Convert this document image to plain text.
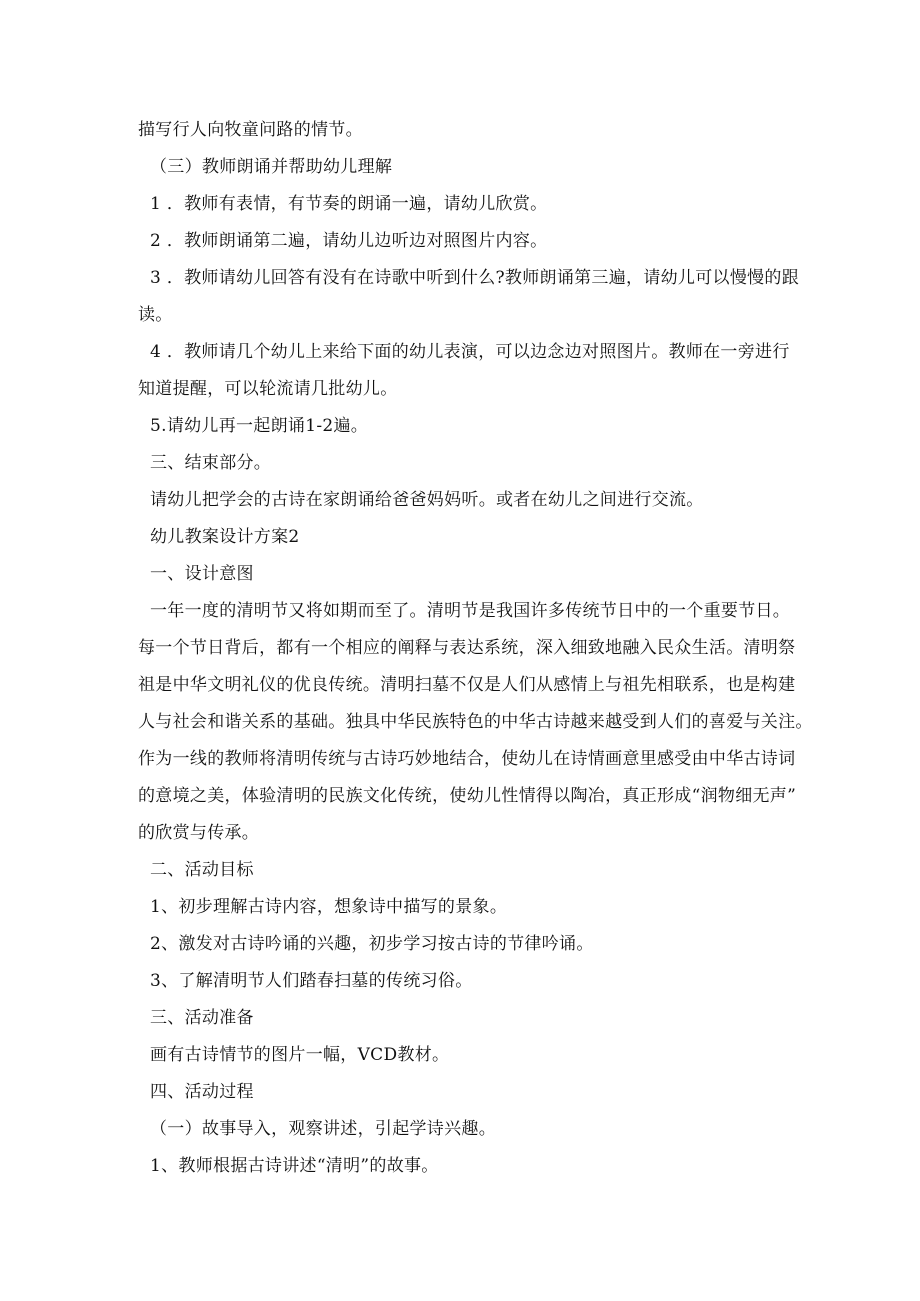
描写行人向牧童问路的情节。
（三）教师朗诵并帮助幼儿理解
1 ．教师有表情，有节奏的朗诵一遍，请幼儿欣赏。
2 ．教师朗诵第二遍，请幼儿边听边对照图片内容。
3 ．教师请幼儿回答有没有在诗歌中听到什么?教师朗诵第三遍，请幼儿可以慢慢的跟
读。
4 ．教师请几个幼儿上来给下面的幼儿表演，可以边念边对照图片。教师在一旁进行
知道提醒，可以轮流请几批幼儿。
5.请幼儿再一起朗诵1-2遍。
三、结束部分。
请幼儿把学会的古诗在家朗诵给爸爸妈妈听。或者在幼儿之间进行交流。
幼儿教案设计方案2
一、设计意图
一年一度的清明节又将如期而至了。清明节是我国许多传统节日中的一个重要节日。
每一个节日背后，都有一个相应的阐释与表达系统，深入细致地融入民众生活。清明祭
祖是中华文明礼仪的优良传统。清明扫墓不仅是人们从感情上与祖先相联系，也是构建
人与社会和谐关系的基础。独具中华民族特色的中华古诗越来越受到人们的喜爱与关注。
作为一线的教师将清明传统与古诗巧妙地结合，使幼儿在诗情画意里感受由中华古诗词
的意境之美，体验清明的民族文化传统，使幼儿性情得以陶冶，真正形成“润物细无声”
的欣赏与传承。
二、活动目标
1、初步理解古诗内容，想象诗中描写的景象。
2、激发对古诗吟诵的兴趣，初步学习按古诗的节律吟诵。
3、了解清明节人们踏春扫墓的传统习俗。
三、活动准备
画有古诗情节的图片一幅，VCD教材。
四、活动过程
（一）故事导入，观察讲述，引起学诗兴趣。
1、教师根据古诗讲述“清明”的故事。
